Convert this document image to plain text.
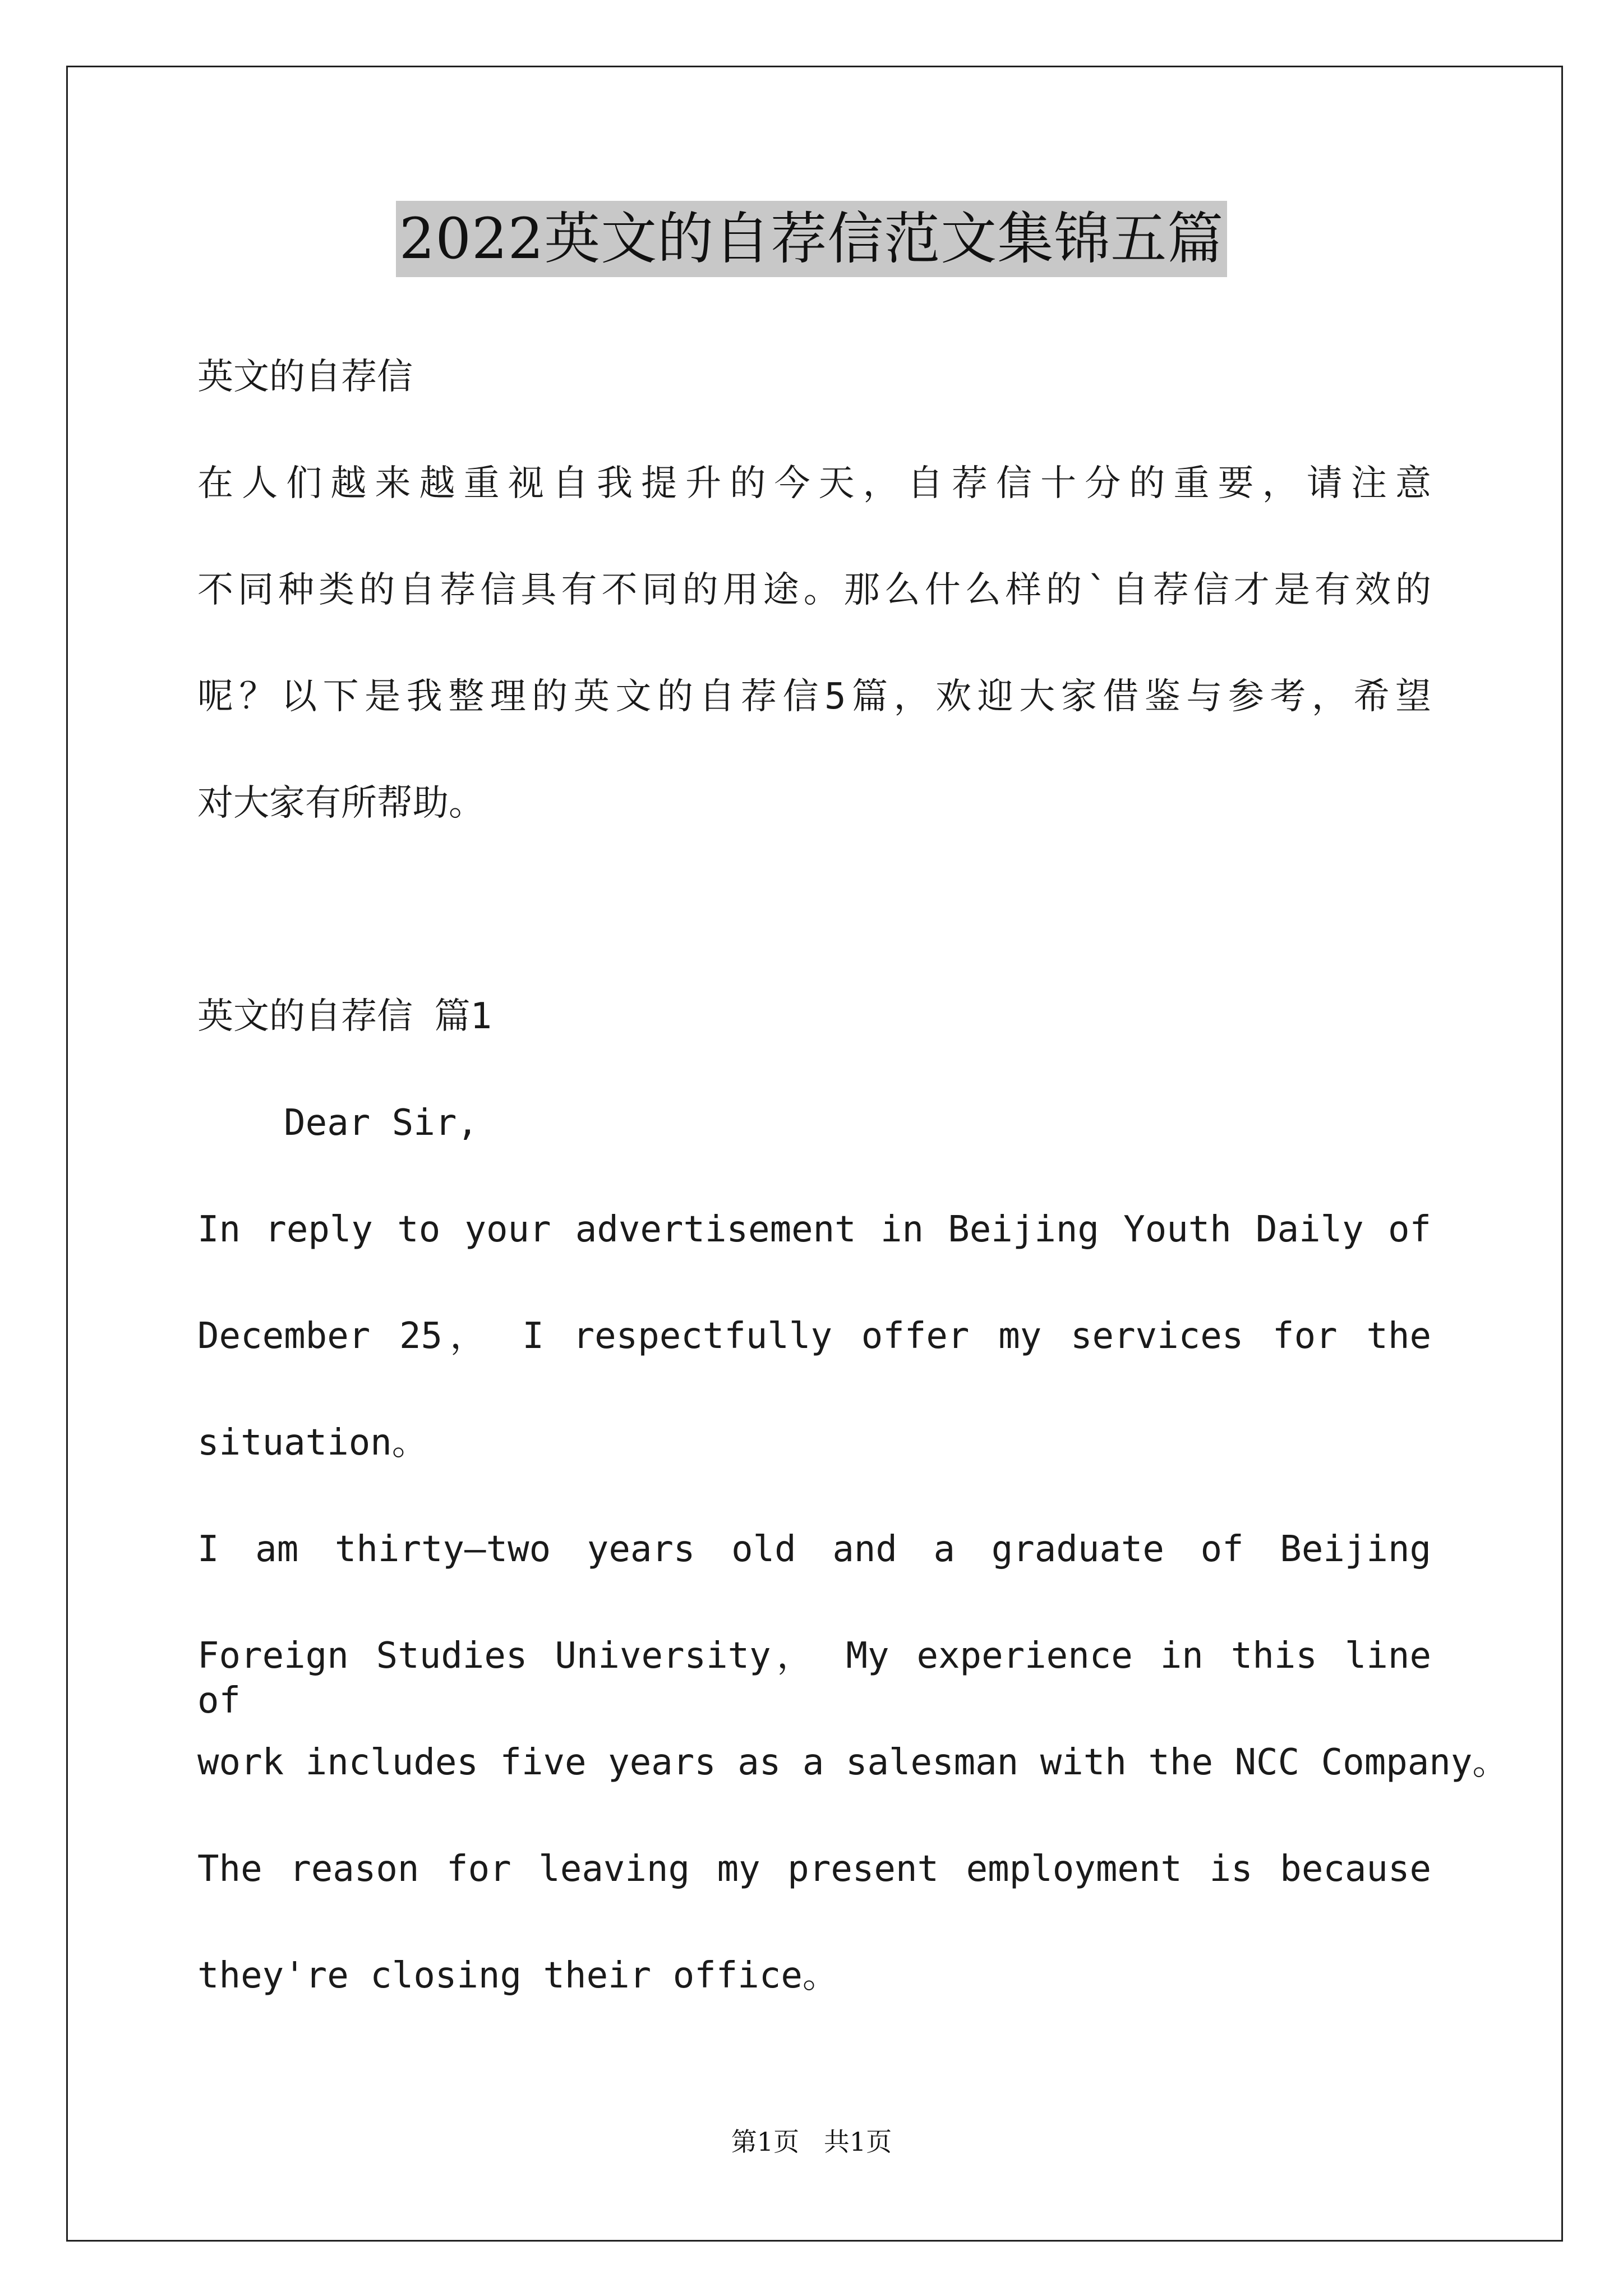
2022英文的自荐信范文集锦五篇
英文的自荐信
在人们越来越重视自我提升的今天，自荐信十分的重要，请注意
不同种类的自荐信具有不同的用途。那么什么样的`自荐信才是有效的
呢？以下是我整理的英文的自荐信5篇，欢迎大家借鉴与参考，希望
对大家有所帮助。
英文的自荐信 篇1
Dear Sir,
In reply to your advertisement in Beijing Youth Daily of
December 25， I respectfully offer my services for the
situation。
I am thirty—two years old and a graduate of Beijing
Foreign Studies University， My experience in this line of
work includes five years as a salesman with the NCC Company。
The reason for leaving my present employment is because
they're closing their office。
第1页   共1页
